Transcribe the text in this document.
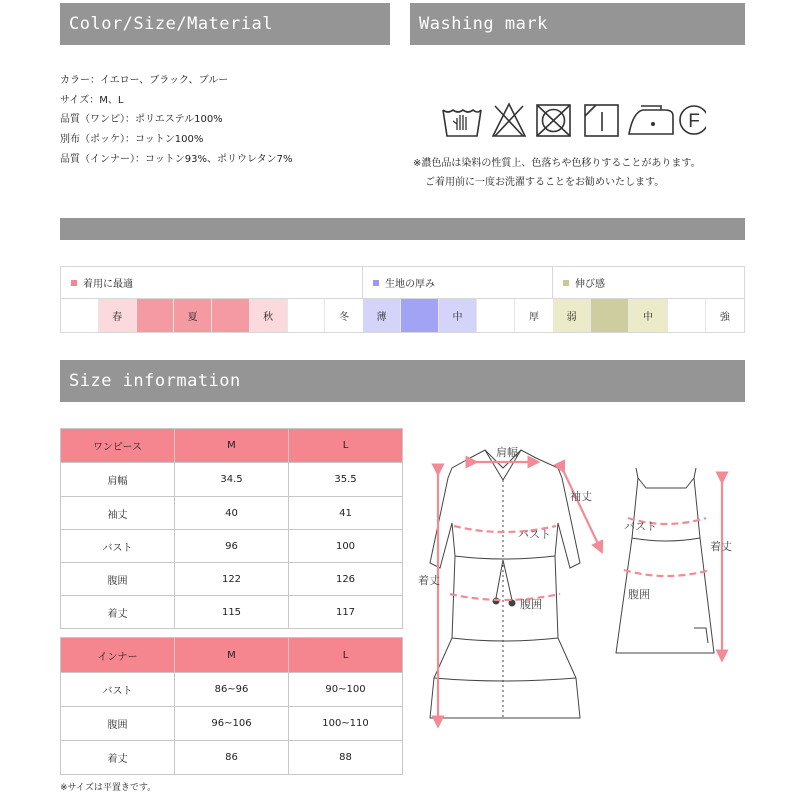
Color/Size/Material	Washing mark
Size information
カラー：イエロー、ブラック、ブルー
サイズ：M、L
品質（ワンピ）：ポリエステル100%
別布（ポッケ）：コットン100%
品質（インナー）：コットン93%、ポリウレタン7%
F
※濃色品は染料の性質上、色落ちや色移りすることがあります。
ご着用前に一度お洗濯することをお勧めいたします。
着用に最適	生地の厚み	伸び感
春	夏	秋	冬	薄	中	厚	弱	中	強
ワンピース	M	L
肩幅	34.5	35.5
袖丈	40	41
バスト	96	100
腹囲	122	126
着丈	115	117
インナー	M	L
バスト	86~96	90~100
腹囲	96~106	100~110
着丈	86	88
※サイズは平置きです。
肩幅
袖丈
バスト
腹囲
着丈
バスト
腹囲
着丈
